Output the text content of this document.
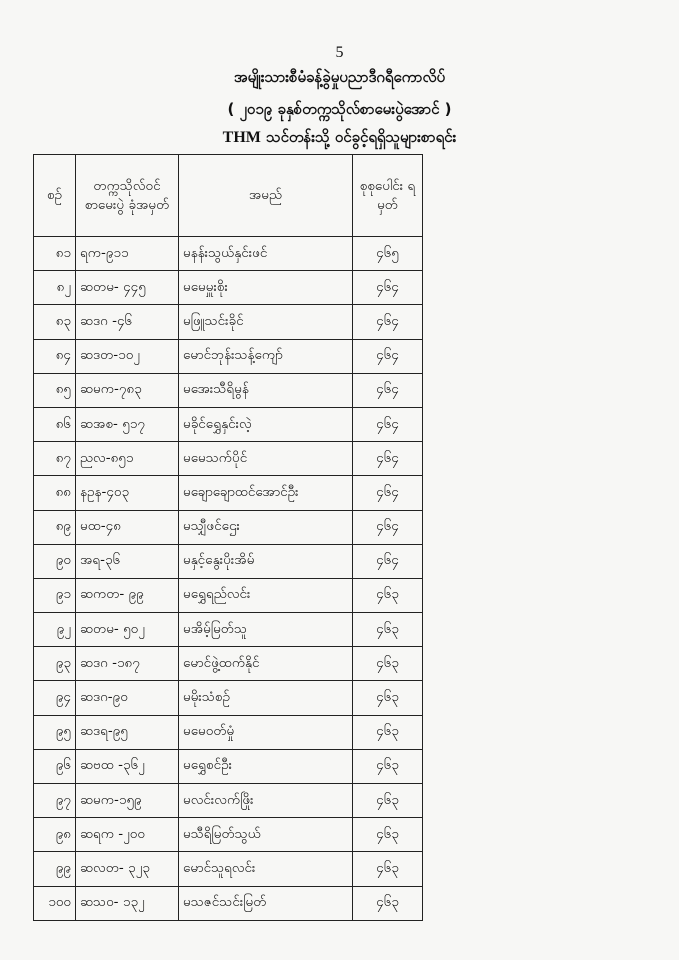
5
အမျိုးသားစီမံခန့်ခွဲမှုပညာဒီဂရီကောလိပ်
( ၂၀၁၉ ခုနှစ်တက္ကသိုလ်စာမေးပွဲအောင် )
THM သင်တန်းသို့ ဝင်ခွင့်ရရှိသူများစာရင်း
စဉ်	တက္ကသိုလ်ဝင် စာမေးပွဲ ခုံအမှတ်	အမည်	စုစုပေါင်း ရမှတ်
၈၁	ရက-၉၁၁	မနန်းသွယ်နှင်းဖင်	၄၆၅
၈၂	ဆတမ- ၄၄၅	မမေမှူးစိုး	၄၆၄
၈၃	ဆဒဂ -၄၆	မဖြူသင်းခိုင်	၄၆၄
၈၄	ဆဒတ-၁၀၂	မောင်ဘုန်းသန့်ကျော်	၄၆၄
၈၅	ဆမက-၇၈၃	မအေးသီရိမွန်	၄၆၄
၈၆	ဆအစ- ၅၁၇	မခိုင်ရွှေနှင်းလဲ့	၄၆၄
၈၇	ညလ-၈၅၁	မမေသက်ပိုင်	၄၆၄
၈၈	နဥန-၄၀၃	မချောချောထင်အောင်ဦး	၄၆၄
၈၉	မထ-၄၈	မသျှီဖင်ဌေး	၄၆၄
၉၀	အရ-၃၆	မနှင့်နွေးပိုးအိမ်	၄၆၄
၉၁	ဆကတ- ၉၉	မရွှေရည်လင်း	၄၆၃
၉၂	ဆတမ- ၅၀၂	မအိမ့်မြတ်သူ	၄၆၃
၉၃	ဆဒဂ -၁၈၇	မောင်ဖွဲ့ထက်နိုင်	၄၆၃
၉၄	ဆဒဂ-၉၀	မမိုးသံစဉ်	၄၆၃
၉၅	ဆဒရ-၉၅	မမေဝတ်မှုံ	၄၆၃
၉၆	ဆဗထ -၃၆၂	မရွှေစင်ဦး	၄၆၃
၉၇	ဆမက-၁၅၉	မလင်းလက်ဖြိုး	၄၆၃
၉၈	ဆရက -၂၀၀	မသီရိမြတ်သွယ်	၄၆၃
၉၉	ဆလတ- ၃၂၃	မောင်သူရလင်း	၄၆၃
၁၀၀	ဆသဝ- ၁၃၂	မသဇင်သင်းမြတ်	၄၆၃
